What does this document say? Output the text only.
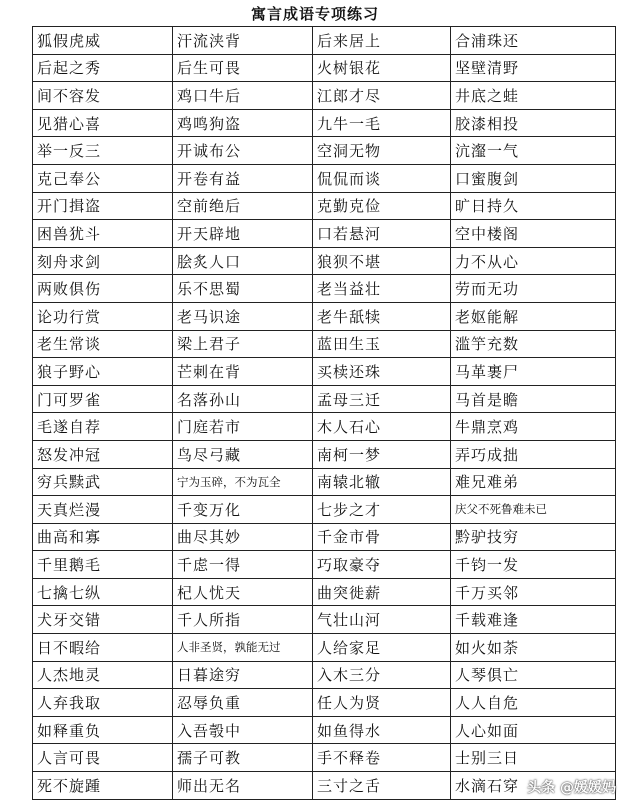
寓言成语专项练习
狐假虎威	汗流浃背	后来居上	合浦珠还
后起之秀	后生可畏	火树银花	坚壁清野
间不容发	鸡口牛后	江郎才尽	井底之蛙
见猎心喜	鸡鸣狗盗	九牛一毛	胶漆相投
举一反三	开诚布公	空洞无物	沆瀣一气
克己奉公	开卷有益	侃侃而谈	口蜜腹剑
开门揖盗	空前绝后	克勤克俭	旷日持久
困兽犹斗	开天辟地	口若悬河	空中楼阁
刻舟求剑	脍炙人口	狼狈不堪	力不从心
两败俱伤	乐不思蜀	老当益壮	劳而无功
论功行赏	老马识途	老牛舐犊	老妪能解
老生常谈	梁上君子	蓝田生玉	滥竽充数
狼子野心	芒刺在背	买椟还珠	马革裹尸
门可罗雀	名落孙山	孟母三迁	马首是瞻
毛遂自荐	门庭若市	木人石心	牛鼎烹鸡
怒发冲冠	鸟尽弓藏	南柯一梦	弄巧成拙
穷兵黩武	宁为玉碎，不为瓦全	南辕北辙	难兄难弟
天真烂漫	千变万化	七步之才	庆父不死鲁难未已
曲高和寡	曲尽其妙	千金市骨	黔驴技穷
千里鹅毛	千虑一得	巧取豪夺	千钧一发
七擒七纵	杞人忧天	曲突徙薪	千万买邻
犬牙交错	千人所指	气壮山河	千载难逢
日不暇给	人非圣贤，孰能无过	人给家足	如火如荼
人杰地灵	日暮途穷	入木三分	人琴俱亡
人弃我取	忍辱负重	任人为贤	人人自危
如释重负	入吾彀中	如鱼得水	人心如面
人言可畏	孺子可教	手不释卷	士别三日
死不旋踵	师出无名	三寸之舌	水滴石穿 头条 @媛媛妈
